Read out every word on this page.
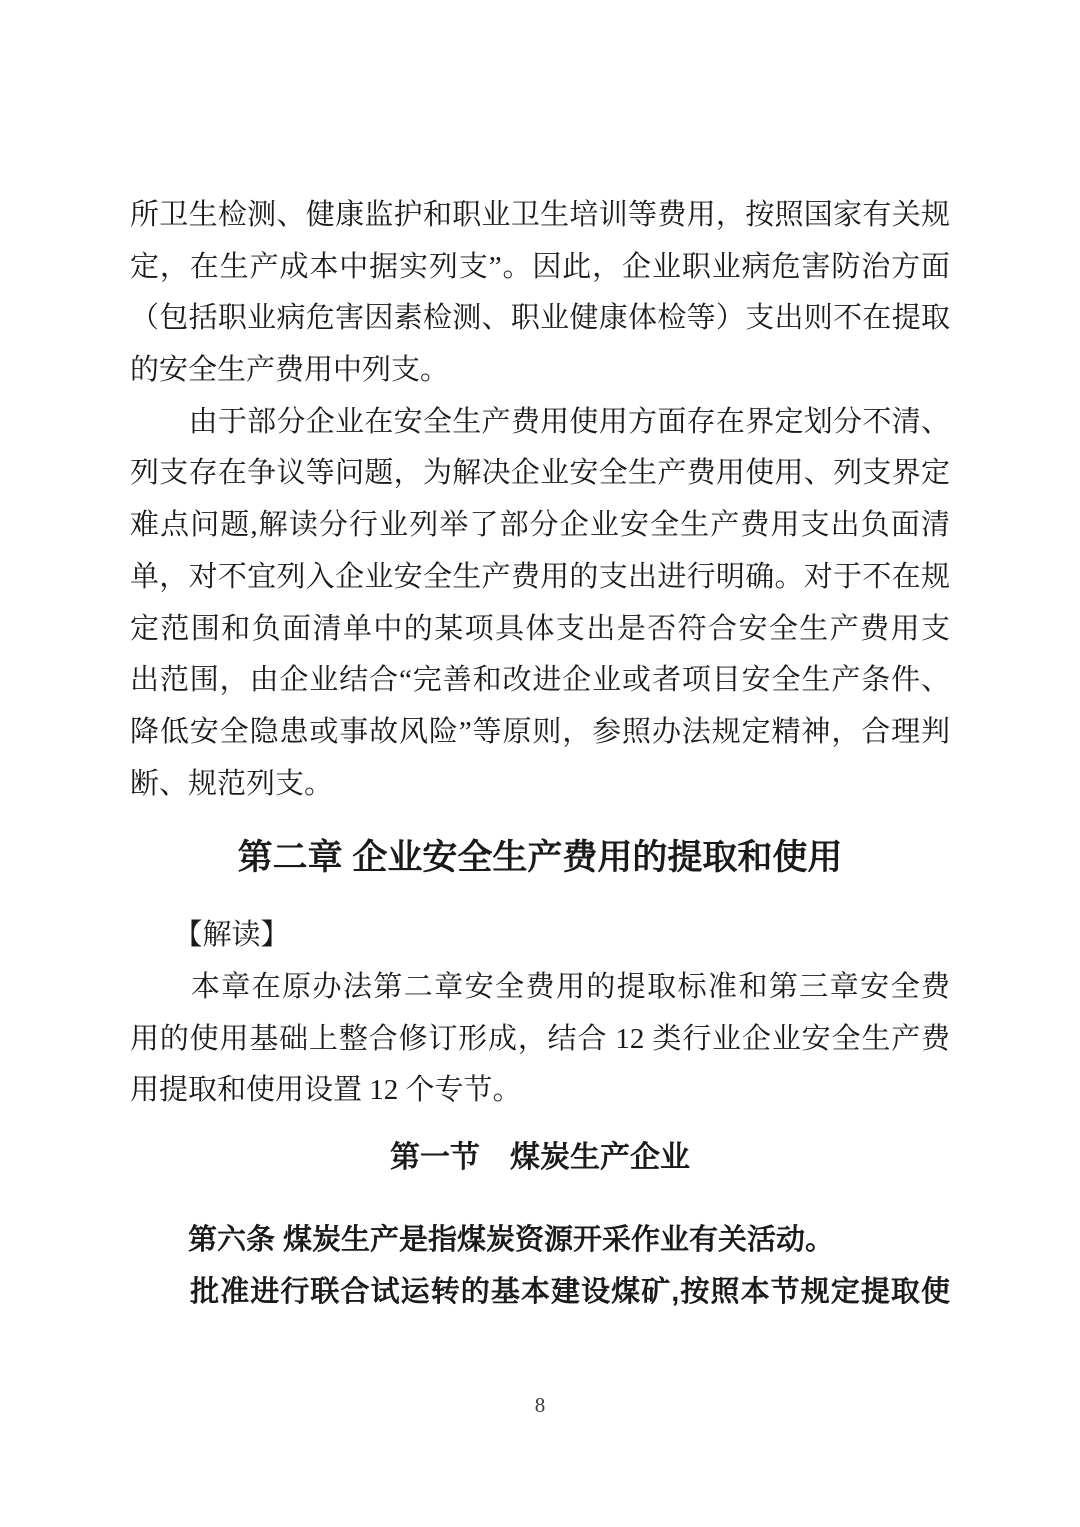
所卫生检测、健康监护和职业卫生培训等费用，按照国家有关规
定，在生产成本中据实列支”。因此，企业职业病危害防治方面
（包括职业病危害因素检测、职业健康体检等）支出则不在提取
的安全生产费用中列支。
　　由于部分企业在安全生产费用使用方面存在界定划分不清、
列支存在争议等问题，为解决企业安全生产费用使用、列支界定
难点问题,解读分行业列举了部分企业安全生产费用支出负面清
单，对不宜列入企业安全生产费用的支出进行明确。对于不在规
定范围和负面清单中的某项具体支出是否符合安全生产费用支
出范围，由企业结合“完善和改进企业或者项目安全生产条件、
降低安全隐患或事故风险”等原则，参照办法规定精神，合理判
断、规范列支。
第二章 企业安全生产费用的提取和使用
　　【解读】
　　本章在原办法第二章安全费用的提取标准和第三章安全费
用的使用基础上整合修订形成，结合 12 类行业企业安全生产费
用提取和使用设置 12 个专节。
第一节　煤炭生产企业
　　第六条 煤炭生产是指煤炭资源开采作业有关活动。
　　批准进行联合试运转的基本建设煤矿,按照本节规定提取使
8
